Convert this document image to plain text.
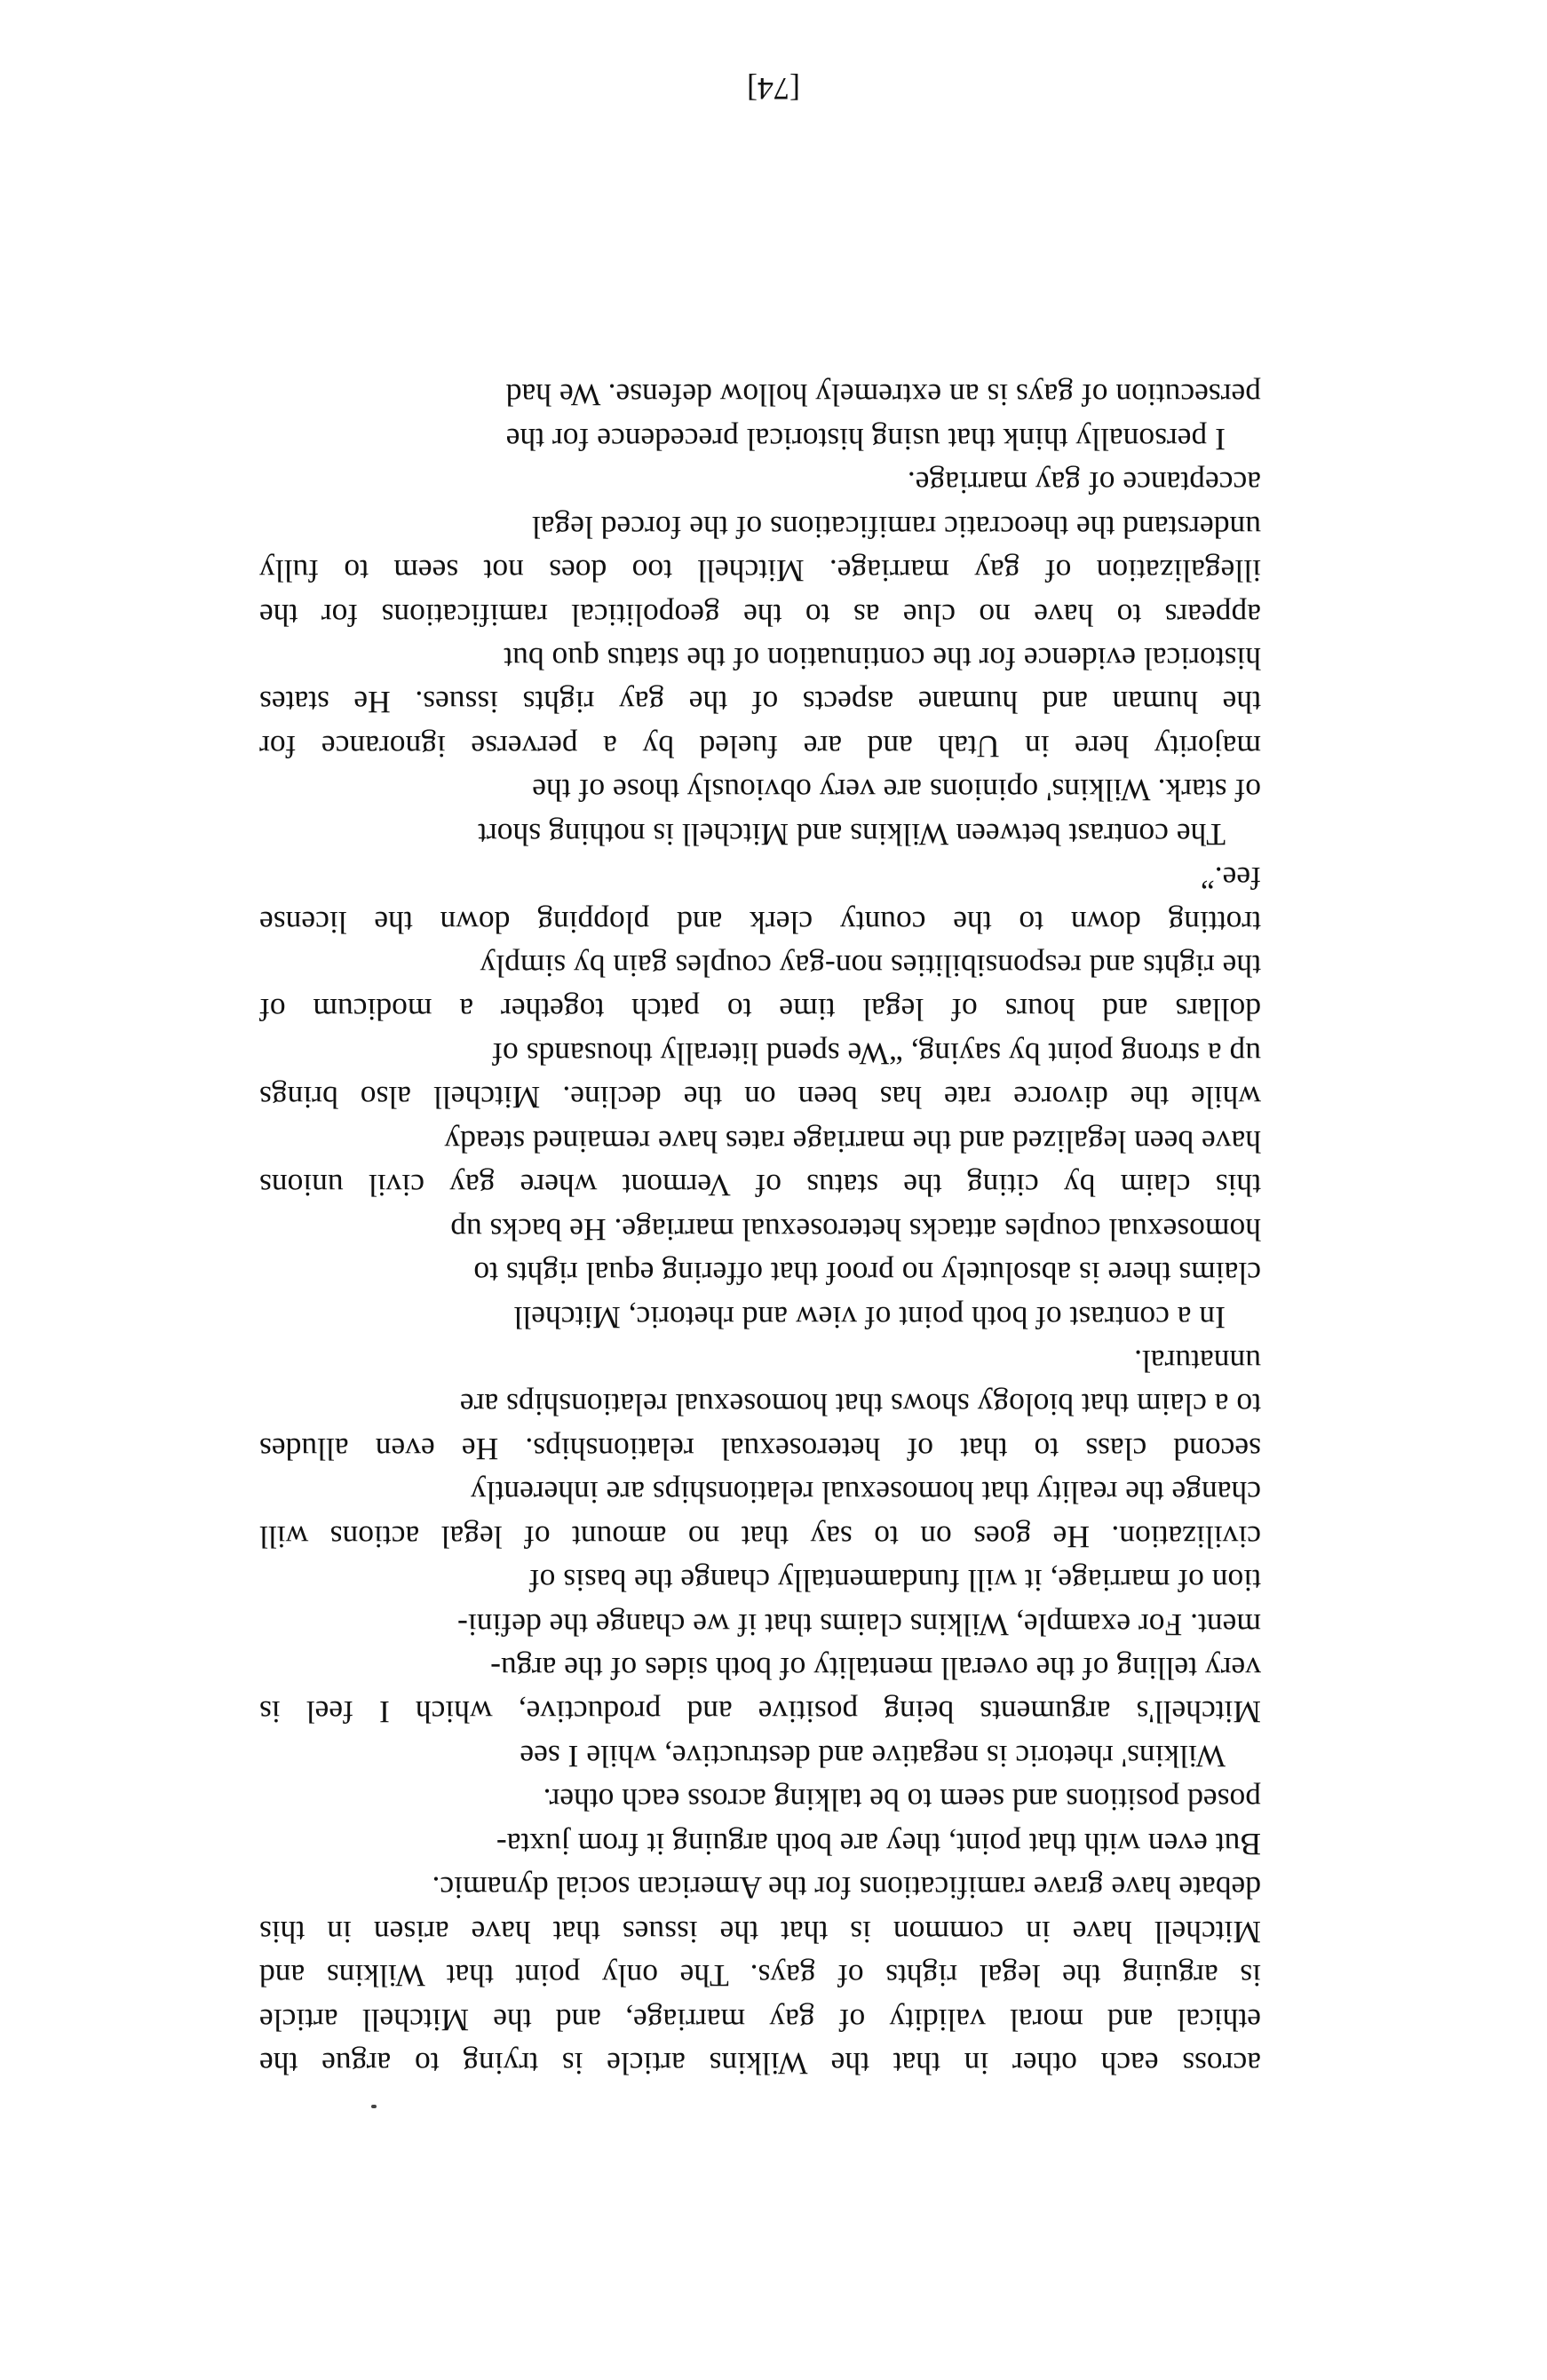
across each other in that the Wilkins article is trying to argue the
ethical and moral validity of gay marriage, and the Mitchell article
is arguing the legal rights of gays. The only point that Wilkins and
Mitchell have in common is that the issues that have arisen in this
debate have grave ramifications for the American social dynamic.
But even with that point, they are both arguing it from juxta-
posed positions and seem to be talking across each other.
Wilkins' rhetoric is negative and destructive, while I see
Mitchell's arguments being positive and productive, which I feel is
very telling of the overall mentality of both sides of the argu-
ment. For example, Wilkins claims that if we change the defini-
tion of marriage, it will fundamentally change the basis of
civilization. He goes on to say that no amount of legal actions will
change the reality that homosexual relationships are inherently
second class to that of heterosexual relationships. He even alludes
to a claim that biology shows that homosexual relationships are
unnatural.
In a contrast of both point of view and rhetoric, Mitchell
claims there is absolutely no proof that offering equal rights to
homosexual couples attacks heterosexual marriage. He backs up
this claim by citing the status of Vermont where gay civil unions
have been legalized and the marriage rates have remained steady
while the divorce rate has been on the decline. Mitchell also brings
up a strong point by saying, “We spend literally thousands of
dollars and hours of legal time to patch together a modicum of
the rights and responsibilities non-gay couples gain by simply
trotting down to the county clerk and plopping down the license
fee.”
The contrast between Wilkins and Mitchell is nothing short
of stark. Wilkins' opinions are very obviously those of the
majority here in Utah and are fueled by a perverse ignorance for
the human and humane aspects of the gay rights issues. He states
historical evidence for the continuation of the status quo but
appears to have no clue as to the geopolitical ramifications for the
illegalization of gay marriage. Mitchell too does not seem to fully
understand the theocratic ramifications of the forced legal
acceptance of gay marriage.
I personally think that using historical precedence for the
persecution of gays is an extremely hollow defense. We had
[74]
